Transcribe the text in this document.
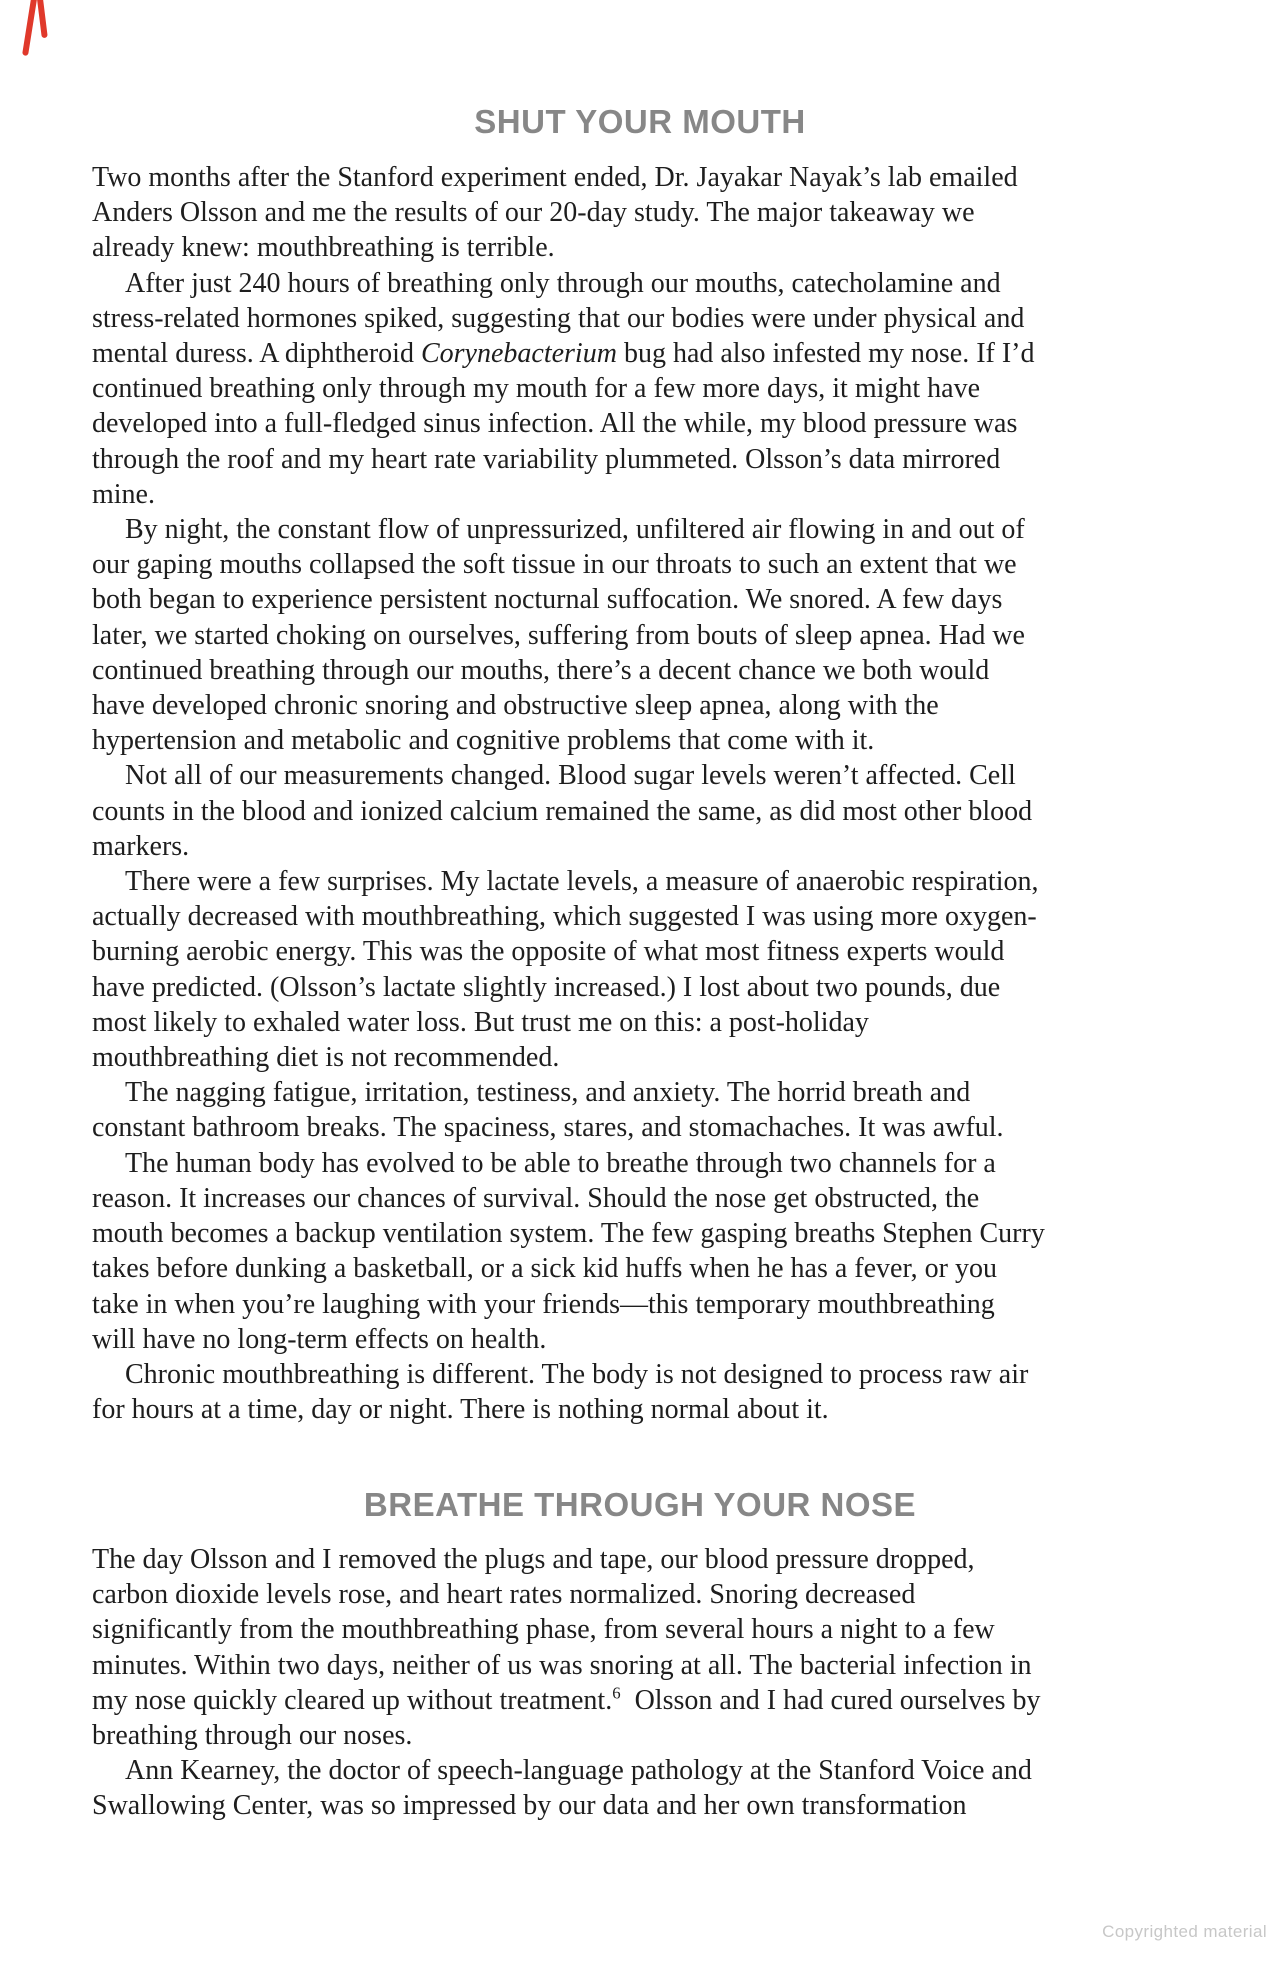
SHUT YOUR MOUTH
Two months after the Stanford experiment ended, Dr. Jayakar Nayak’s lab emailed
Anders Olsson and me the results of our 20-day study. The major takeaway we
already knew: mouthbreathing is terrible.
After just 240 hours of breathing only through our mouths, catecholamine and
stress-related hormones spiked, suggesting that our bodies were under physical and
mental duress. A diphtheroid Corynebacterium bug had also infested my nose. If I’d
continued breathing only through my mouth for a few more days, it might have
developed into a full-fledged sinus infection. All the while, my blood pressure was
through the roof and my heart rate variability plummeted. Olsson’s data mirrored
mine.
By night, the constant flow of unpressurized, unfiltered air flowing in and out of
our gaping mouths collapsed the soft tissue in our throats to such an extent that we
both began to experience persistent nocturnal suffocation. We snored. A few days
later, we started choking on ourselves, suffering from bouts of sleep apnea. Had we
continued breathing through our mouths, there’s a decent chance we both would
have developed chronic snoring and obstructive sleep apnea, along with the
hypertension and metabolic and cognitive problems that come with it.
Not all of our measurements changed. Blood sugar levels weren’t affected. Cell
counts in the blood and ionized calcium remained the same, as did most other blood
markers.
There were a few surprises. My lactate levels, a measure of anaerobic respiration,
actually decreased with mouthbreathing, which suggested I was using more oxygen-
burning aerobic energy. This was the opposite of what most fitness experts would
have predicted. (Olsson’s lactate slightly increased.) I lost about two pounds, due
most likely to exhaled water loss. But trust me on this: a post-holiday
mouthbreathing diet is not recommended.
The nagging fatigue, irritation, testiness, and anxiety. The horrid breath and
constant bathroom breaks. The spaciness, stares, and stomachaches. It was awful.
The human body has evolved to be able to breathe through two channels for a
reason. It increases our chances of survival. Should the nose get obstructed, the
mouth becomes a backup ventilation system. The few gasping breaths Stephen Curry
takes before dunking a basketball, or a sick kid huffs when he has a fever, or you
take in when you’re laughing with your friends—this temporary mouthbreathing
will have no long-term effects on health.
Chronic mouthbreathing is different. The body is not designed to process raw air
for hours at a time, day or night. There is nothing normal about it.
BREATHE THROUGH YOUR NOSE
The day Olsson and I removed the plugs and tape, our blood pressure dropped,
carbon dioxide levels rose, and heart rates normalized. Snoring decreased
significantly from the mouthbreathing phase, from several hours a night to a few
minutes. Within two days, neither of us was snoring at all. The bacterial infection in
my nose quickly cleared up without treatment.$^6$ Olsson and I had cured ourselves by
breathing through our noses.
Ann Kearney, the doctor of speech-language pathology at the Stanford Voice and
Swallowing Center, was so impressed by our data and her own transformation
Copyrighted material
